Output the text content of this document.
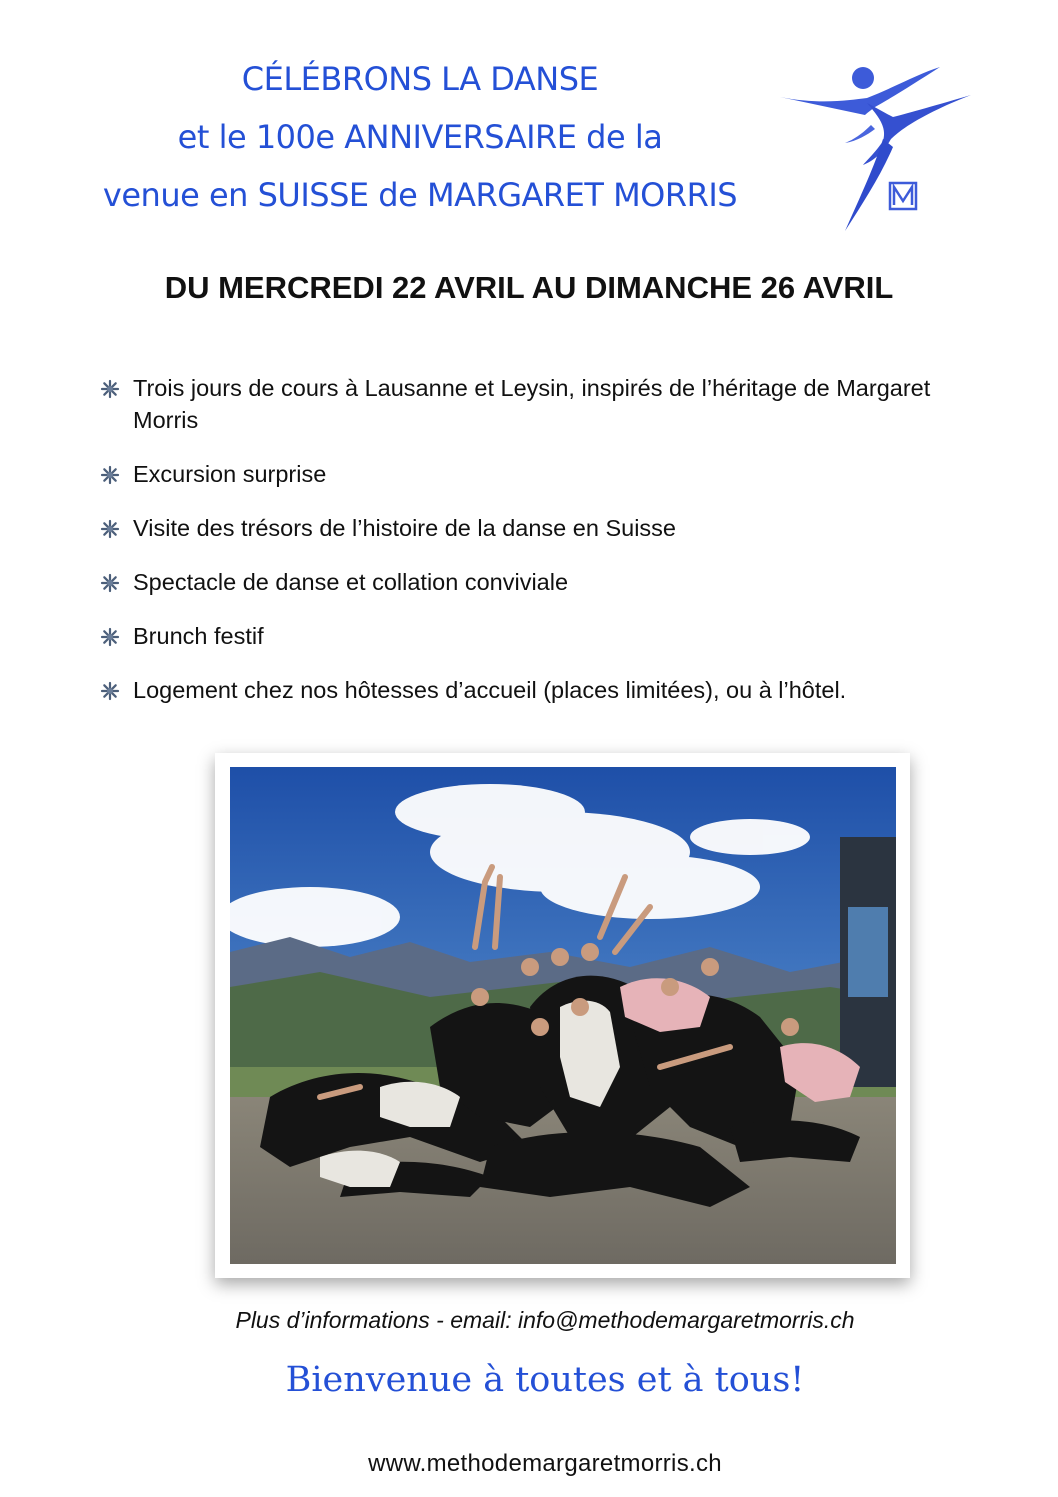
CÉLÉBRONS LA DANSE
et le 100e ANNIVERSAIRE de la
venue en SUISSE de MARGARET MORRIS
DU MERCREDI 22 AVRIL AU DIMANCHE 26 AVRIL
Trois jours de cours à Lausanne et Leysin, inspirés de l’héritage de Margaret Morris
Excursion surprise
Visite des trésors de l’histoire de la danse en Suisse
Spectacle de danse et collation conviviale
Brunch festif
Logement chez nos hôtesses d’accueil (places limitées), ou à l’hôtel.
Plus d’informations - email: info@methodemargaretmorris.ch
Bienvenue à toutes et à tous!
www.methodemargaretmorris.ch
